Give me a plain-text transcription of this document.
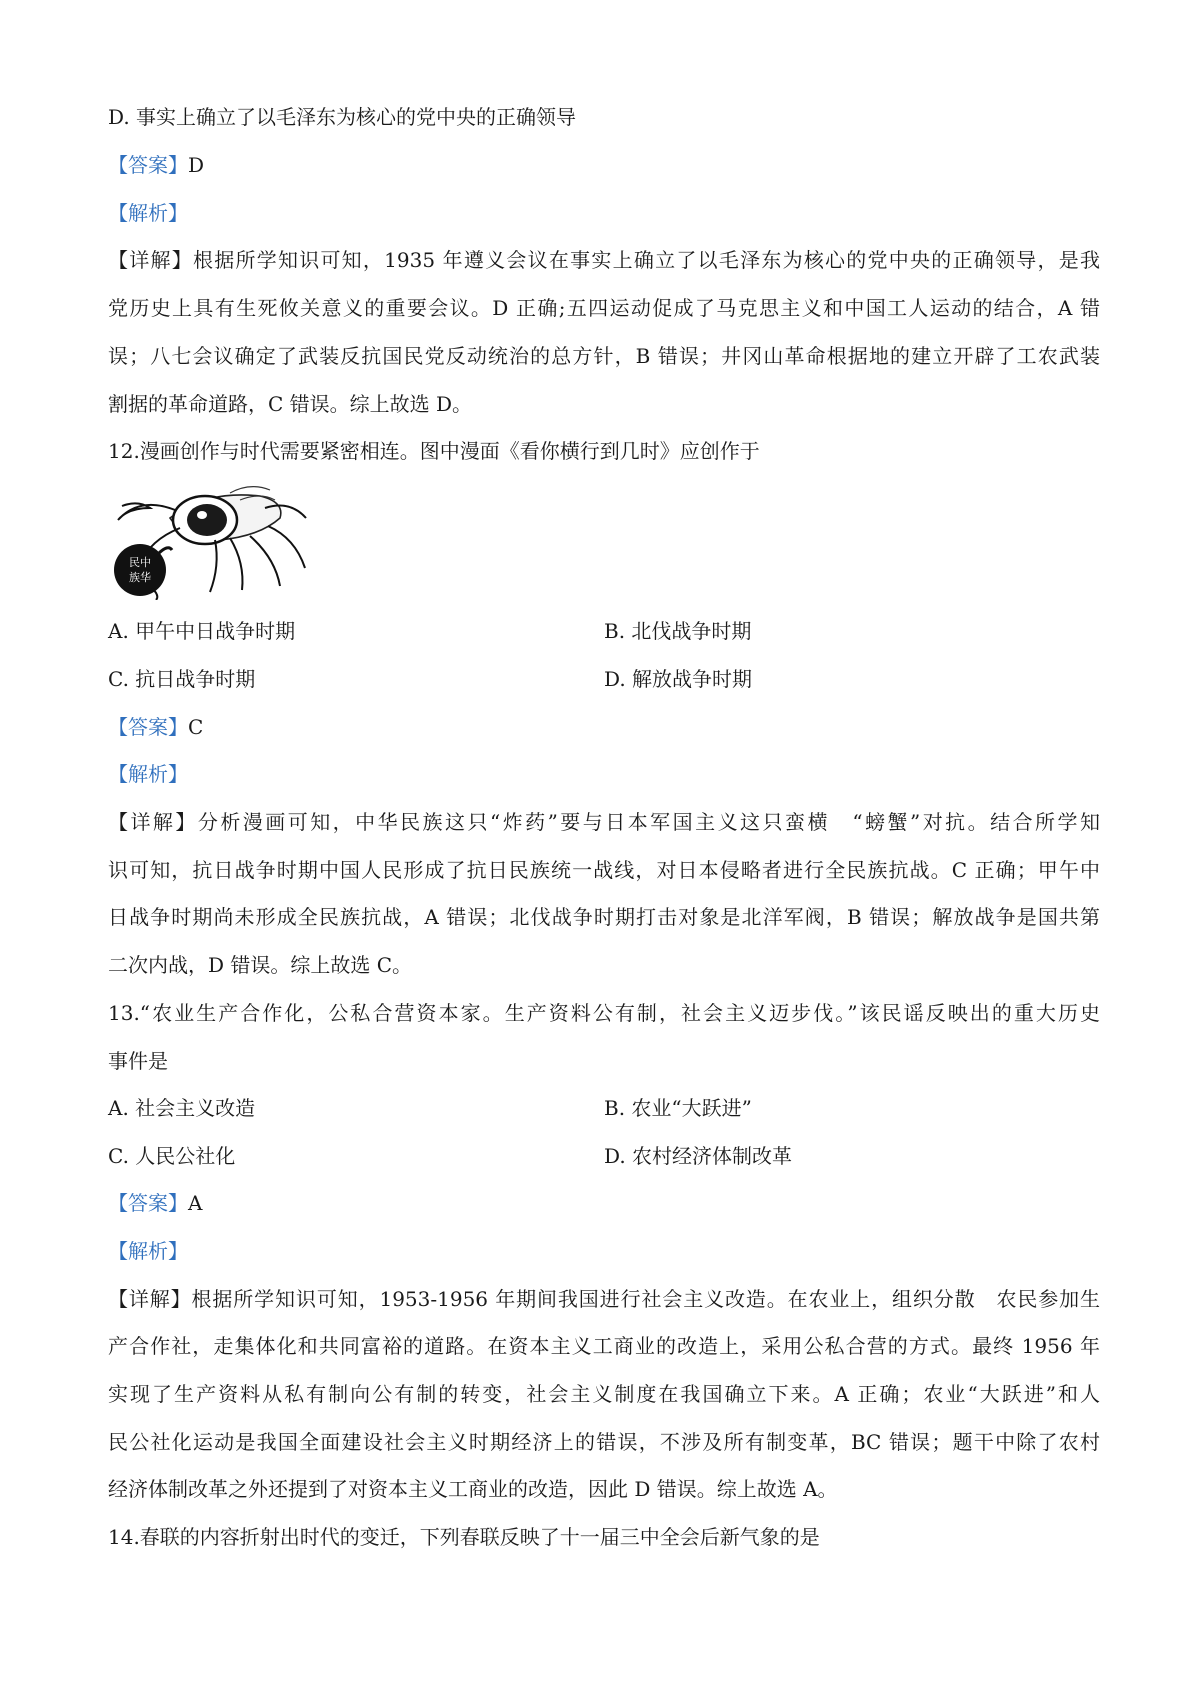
D. 事实上确立了以毛泽东为核心的党中央的正确领导
【答案】D
【解析】
【详解】根据所学知识可知，1935 年遵义会议在事实上确立了以毛泽东为核心的党中央的正确领导，是我
党历史上具有生死攸关意义的重要会议。D 正确;五四运动促成了马克思主义和中国工人运动的结合，A 错
误；八七会议确定了武装反抗国民党反动统治的总方针，B 错误；井冈山革命根据地的建立开辟了工农武装
割据的革命道路，C 错误。综上故选 D。
12.漫画创作与时代需要紧密相连。图中漫面《看你横行到几时》应创作于
民中
族华
A. 甲午中日战争时期	B. 北伐战争时期
C. 抗日战争时期	D. 解放战争时期
【答案】C
【解析】
【详解】分析漫画可知，中华民族这只“炸药”要与日本军国主义这只蛮横　“螃蟹”对抗。结合所学知
识可知，抗日战争时期中国人民形成了抗日民族统一战线，对日本侵略者进行全民族抗战。C 正确；甲午中
日战争时期尚未形成全民族抗战，A 错误；北伐战争时期打击对象是北洋军阀，B 错误；解放战争是国共第
二次内战，D 错误。综上故选 C。
13.“农业生产合作化，公私合营资本家。生产资料公有制，社会主义迈步伐。”该民谣反映出的重大历史
事件是
A. 社会主义改造	B. 农业“大跃进”
C. 人民公社化	D. 农村经济体制改革
【答案】A
【解析】
【详解】根据所学知识可知，1953-1956 年期间我国进行社会主义改造。在农业上，组织分散　农民参加生
产合作社，走集体化和共同富裕的道路。在资本主义工商业的改造上，采用公私合营的方式。最终 1956 年
实现了生产资料从私有制向公有制的转变，社会主义制度在我国确立下来。A 正确；农业“大跃进”和人
民公社化运动是我国全面建设社会主义时期经济上的错误，不涉及所有制变革，BC 错误；题干中除了农村
经济体制改革之外还提到了对资本主义工商业的改造，因此 D 错误。综上故选 A。
14.春联的内容折射出时代的变迁，下列春联反映了十一届三中全会后新气象的是
